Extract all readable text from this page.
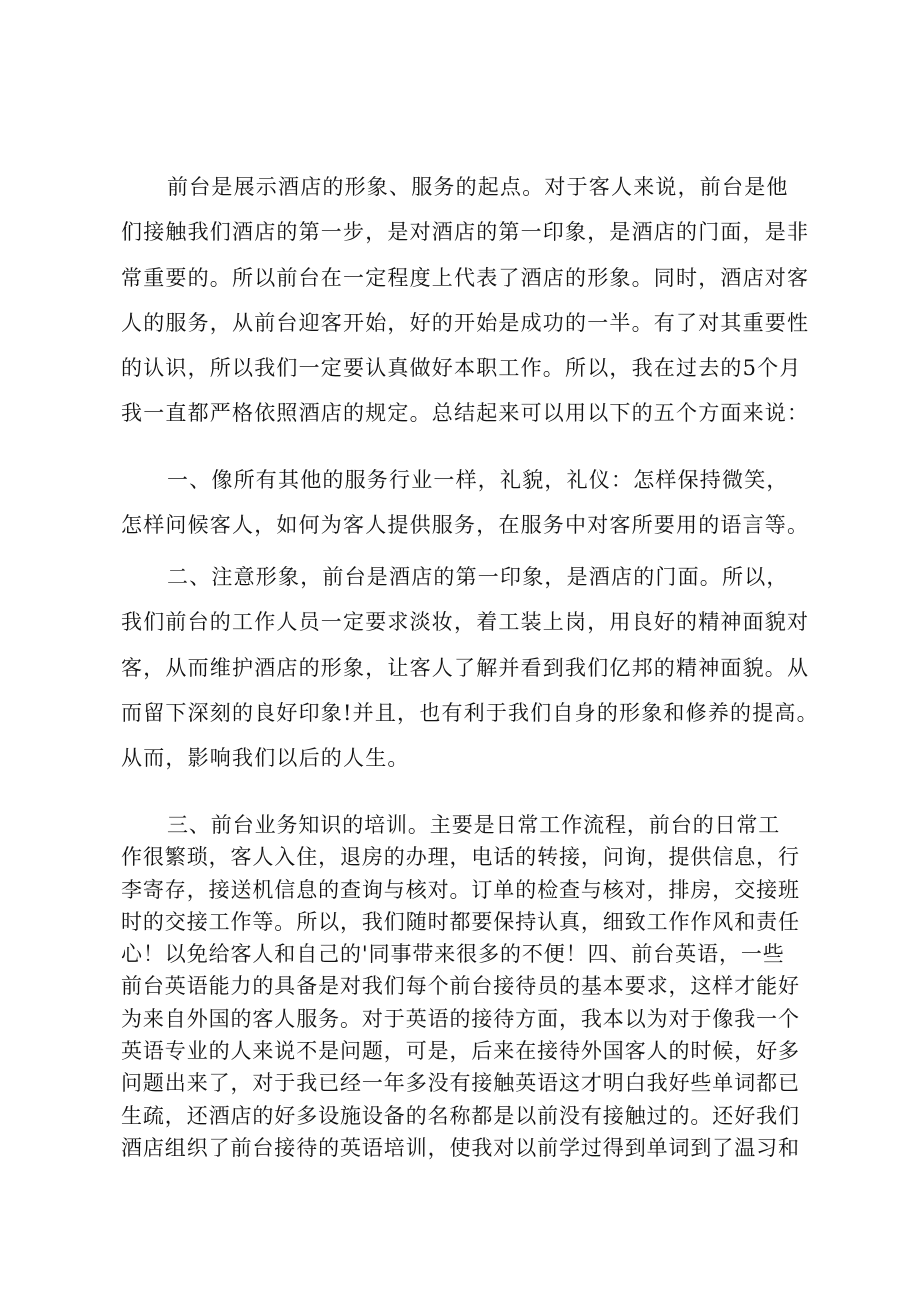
前台是展示酒店的形象、服务的起点。对于客人来说，前台是他
们接触我们酒店的第一步，是对酒店的第一印象，是酒店的门面，是非
常重要的。所以前台在一定程度上代表了酒店的形象。同时，酒店对客
人的服务，从前台迎客开始，好的开始是成功的一半。有了对其重要性
的认识，所以我们一定要认真做好本职工作。所以，我在过去的5个月
我一直都严格依照酒店的规定。总结起来可以用以下的五个方面来说：
一、像所有其他的服务行业一样，礼貌，礼仪：怎样保持微笑，
怎样问候客人，如何为客人提供服务，在服务中对客所要用的语言等。
二、注意形象，前台是酒店的第一印象，是酒店的门面。所以，
我们前台的工作人员一定要求淡妆，着工装上岗，用良好的精神面貌对
客，从而维护酒店的形象，让客人了解并看到我们亿邦的精神面貌。从
而留下深刻的良好印象!并且，也有利于我们自身的形象和修养的提高。
从而，影响我们以后的人生。
三、前台业务知识的培训。主要是日常工作流程，前台的日常工
作很繁琐，客人入住，退房的办理，电话的转接，问询，提供信息，行
李寄存，接送机信息的查询与核对。订单的检查与核对，排房，交接班
时的交接工作等。所以，我们随时都要保持认真，细致工作作风和责任
心！以免给客人和自己的'同事带来很多的不便！四、前台英语，一些
前台英语能力的具备是对我们每个前台接待员的基本要求，这样才能好
为来自外国的客人服务。对于英语的接待方面，我本以为对于像我一个
英语专业的人来说不是问题，可是，后来在接待外国客人的时候，好多
问题出来了，对于我已经一年多没有接触英语这才明白我好些单词都已
生疏，还酒店的好多设施设备的名称都是以前没有接触过的。还好我们
酒店组织了前台接待的英语培训，使我对以前学过得到单词到了温习和
